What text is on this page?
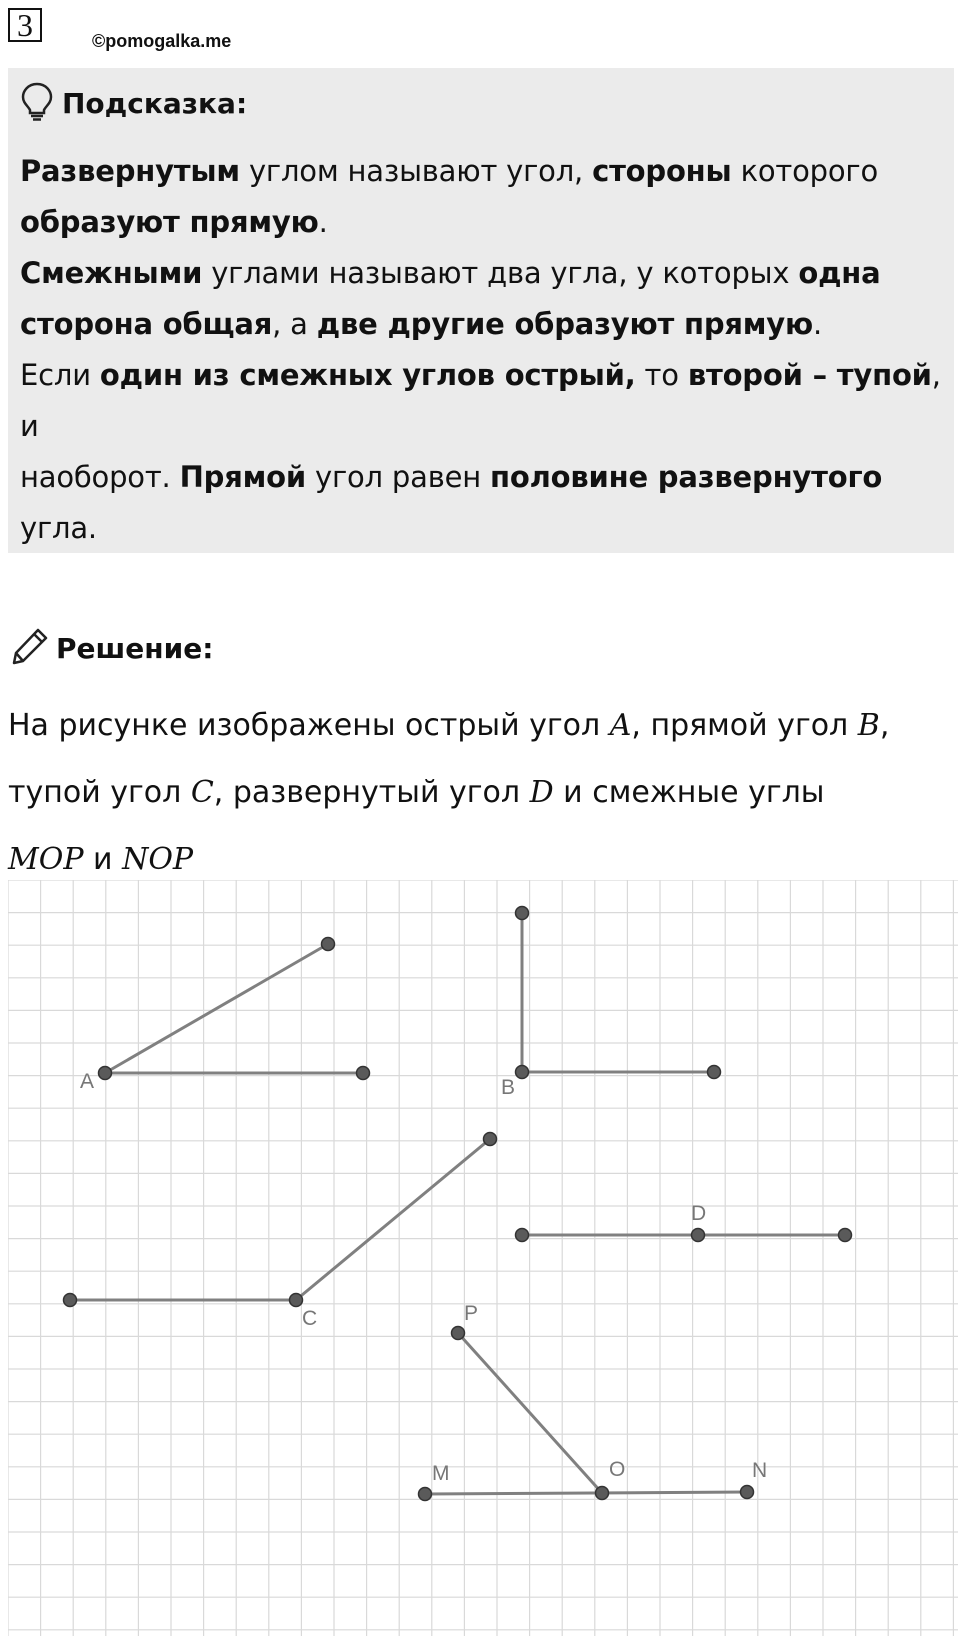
3	©pomogalka.me
Подсказка:

Развернутым углом называют угол, стороны которого

образуют прямую.

Смежными углами называют два угла, у которых одна

сторона общая, а две другие образуют прямую.

Если один из смежных углов острый, то второй – тупой, и

наоборот. Прямой угол равен половине развернутого

угла.

Решение:

На рисунке изображены острый угол A, прямой угол B,

тупой угол C, развернутый угол D и смежные углы

MOP и NOP

A	B
C
D
P
M	O	N
